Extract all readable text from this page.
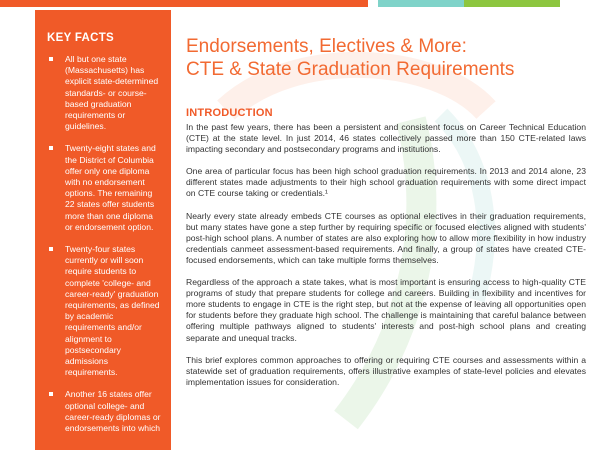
KEY FACTS
All but one state (Massachusetts) has explicit state-determined standards- or course-based graduation requirements or guidelines.
Twenty-eight states and the District of Columbia offer only one diploma with no endorsement options. The remaining 22 states offer students more than one diploma or endorsement option.
Twenty-four states currently or will soon require students to complete 'college- and career-ready' graduation requirements, as defined by academic requirements and/or alignment to postsecondary admissions requirements.
Another 16 states offer optional college- and career-ready diplomas or endorsements into which
Endorsements, Electives & More:
CTE & State Graduation Requirements
INTRODUCTION

In the past few years, there has been a persistent and consistent focus on Career Technical Education (CTE) at the state level. In just 2014, 46 states collectively passed more than 150 CTE-related laws impacting secondary and postsecondary programs and institutions.

One area of particular focus has been high school graduation requirements. In 2013 and 2014 alone, 23 different states made adjustments to their high school graduation requirements with some direct impact on CTE course taking or credentials.¹

Nearly every state already embeds CTE courses as optional electives in their graduation requirements, but many states have gone a step further by requiring specific or focused electives aligned with students' post-high school plans. A number of states are also exploring how to allow more flexibility in how industry credentials canmeet assessment-based requirements. And finally, a group of states have created CTE-focused endorsements, which can take multiple forms themselves.

Regardless of the approach a state takes, what is most important is ensuring access to high-quality CTE programs of study that prepare students for college and careers. Building in flexibility and incentives for more students to engage in CTE is the right step, but not at the expense of leaving all opportunities open for students before they graduate high school. The challenge is maintaining that careful balance between offering multiple pathways aligned to students' interests and post-high school plans and creating separate and unequal tracks.

This brief explores common approaches to offering or requiring CTE courses and assessments within a statewide set of graduation requirements, offers illustrative examples of state-level policies and elevates implementation issues for consideration.
